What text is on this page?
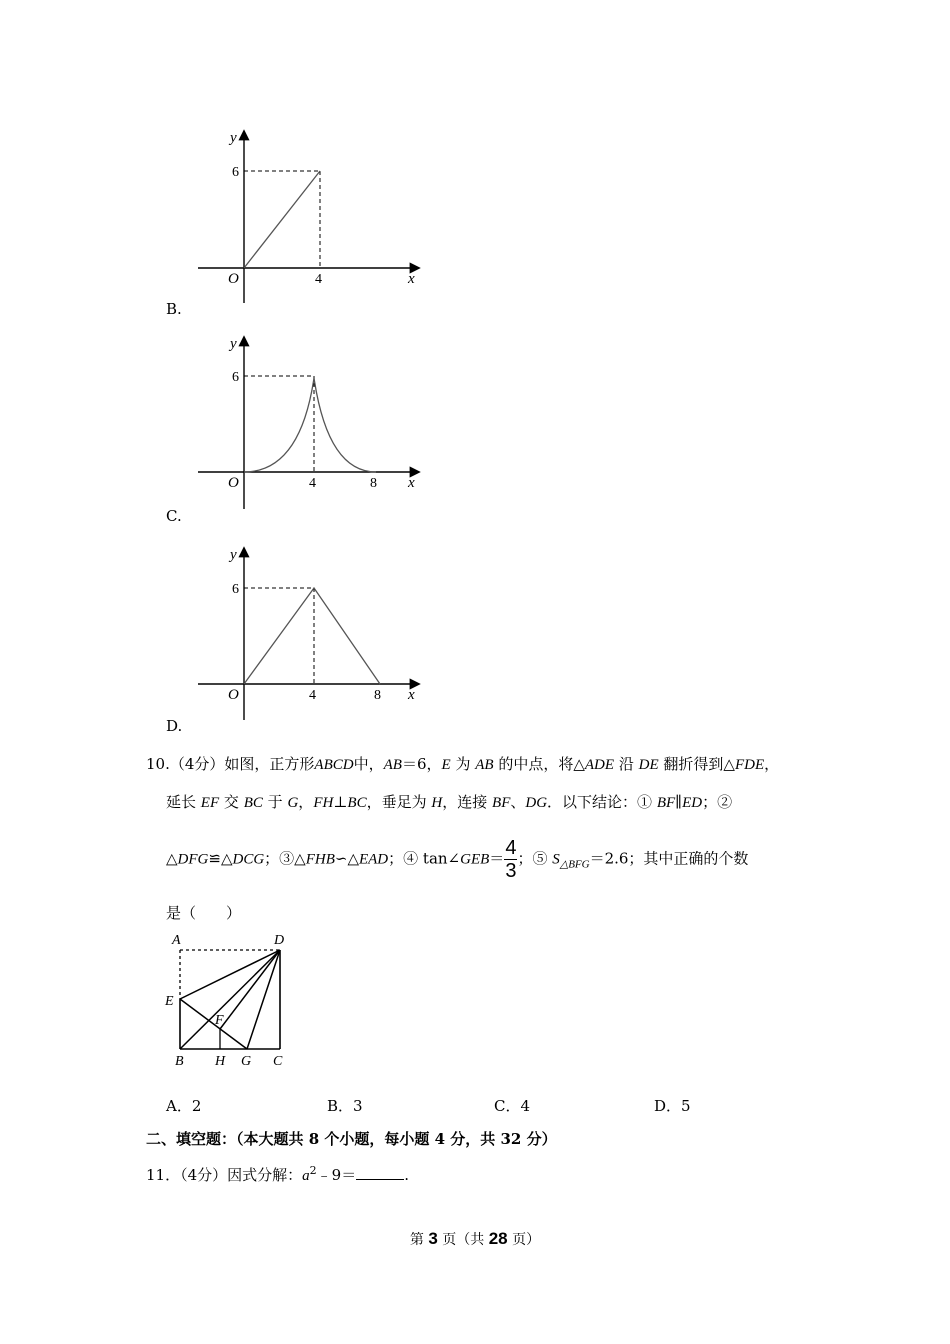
y
x
O
6
4
B.
y
x
O
6
4	8
C.
y
x
O
6
4	8
D.
10.（4分）如图，正方形ABCD中，AB＝6，E 为 AB 的中点，将△ADE 沿 DE 翻折得到△FDE，
延长 EF 交 BC 于 G，FH⊥BC，垂足为 H，连接 BF、DG．以下结论：① BF∥ED；②
△DFG≌△DCG；③△FHB∽△EAD；④ tan∠GEB＝ $\frac{4}{3}$ ；⑤ $S_{\triangle BFG}=2.6$；其中正确的个数
是（　　）
A	D
E
F
B H G C
A．2	B．3	C．4	D．5
二、填空题：（本大题共 8 个小题，每小题 4 分，共 32 分）
11．（4分）因式分解：$a^2﹣9=$	.
第 3 页（共 28 页）
